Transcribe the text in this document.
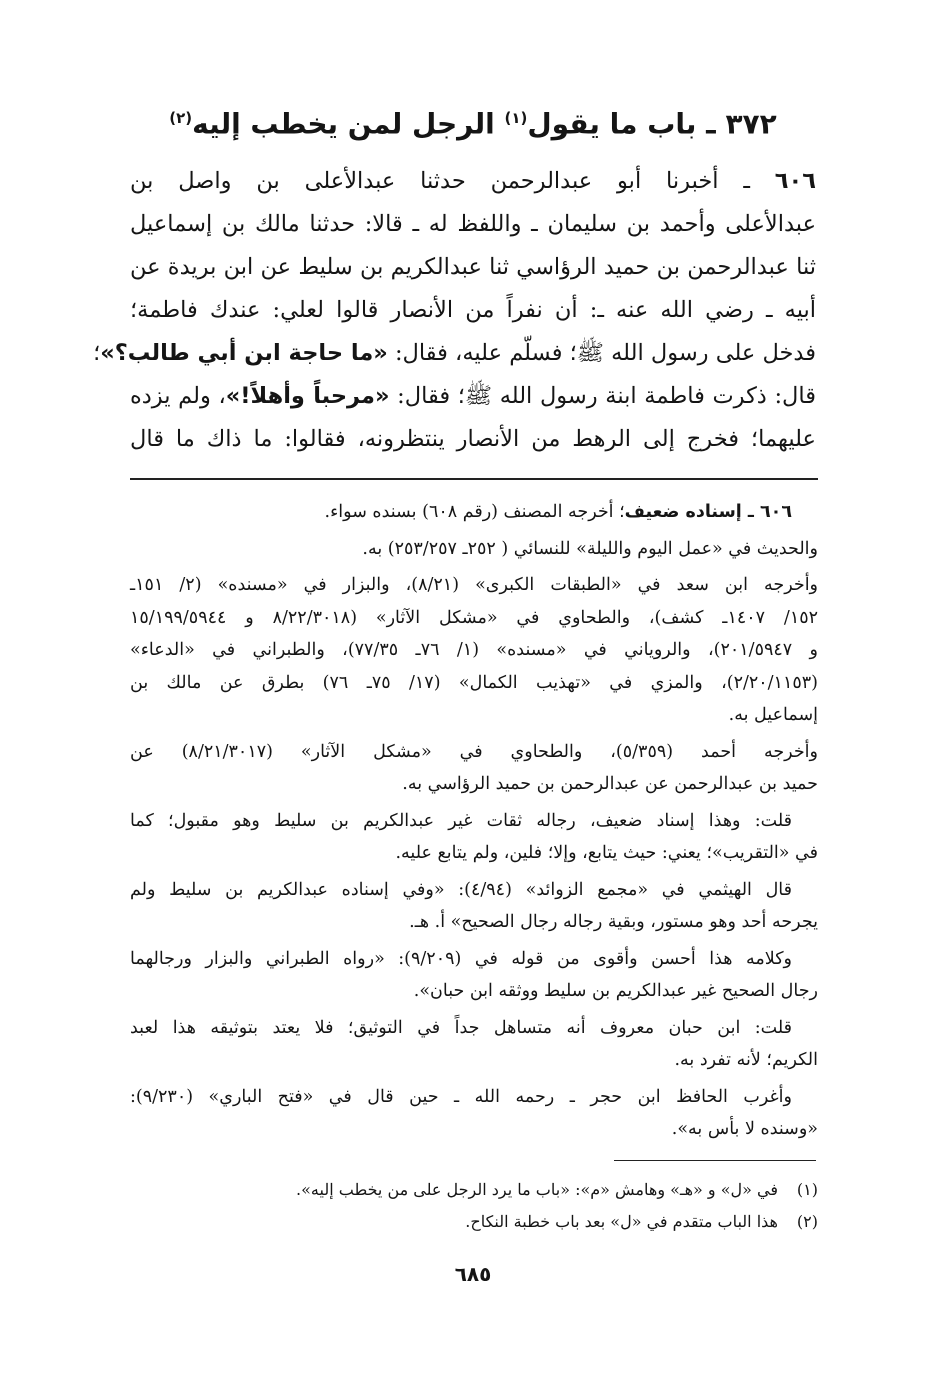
٣٧٢ ـ باب ما يقول$^{(١)}$ الرجل لمن يخطب إليه$^{(٢)}$
٦٠٦ ـ أخبرنا أبو عبدالرحمن حدثنا عبدالأعلى بن واصل بن
عبدالأعلى وأحمد بن سليمان ـ واللفظ له ـ قالا: حدثنا مالك بن إسماعيل
ثنا عبدالرحمن بن حميد الرؤاسي ثنا عبدالكريم بن سليط عن ابن بريدة عن
أبيه ـ رضي الله عنه ـ: أن نفراً من الأنصار قالوا لعلي: عندك فاطمة؛
فدخل على رسول الله ﷺ؛ فسلّم عليه، فقال: «ما حاجة ابن أبي طالب؟»؛
قال: ذكرت فاطمة ابنة رسول الله ﷺ؛ فقال: «مرحباً وأهلاً!»، ولم يزده
عليهما؛ فخرج إلى الرهط من الأنصار ينتظرونه، فقالوا: ما ذاك ما قال
٦٠٦ ـ إسناده ضعيف؛ أخرجه المصنف (رقم ٦٠٨) بسنده سواء.
والحديث في «عمل اليوم والليلة» للنسائي ( ٢٥٢ـ ٢٥٣/٢٥٧) به.
وأخرجه ابن سعد في «الطبقات الكبرى» (٨/٢١)، والبزار في «مسنده» (٢/ ١٥١ـ
١٥٢/ ١٤٠٧ـ كشف)، والطحاوي في «مشكل الآثار» (٨/٢٢/٣٠١٨ و ١٥/١٩٩/٥٩٤٤
و ٢٠١/٥٩٤٧)، والروياني في «مسنده» (١/ ٧٦ـ ٧٧/٣٥)، والطبراني في «الدعاء»
(٢/٢٠/١١٥٣)، والمزي في «تهذيب الكمال» (١٧/ ٧٥ـ ٧٦) بطرق عن مالك بن
إسماعيل به.
وأخرجه أحمد (٥/٣٥٩)، والطحاوي في «مشكل الآثار» (٨/٢١/٣٠١٧) عن
حميد بن عبدالرحمن عن عبدالرحمن بن حميد الرؤاسي به.
قلت: وهذا إسناد ضعيف، رجاله ثقات غير عبدالكريم بن سليط وهو مقبول؛ كما
في «التقريب»؛ يعني: حيث يتابع، وإلا؛ فلين، ولم يتابع عليه.
قال الهيثمي في «مجمع الزوائد» (٤/٩٤): «وفي إسناده عبدالكريم بن سليط ولم
يجرحه أحد وهو مستور، وبقية رجاله رجال الصحيح» أ. هـ.
وكلامه هذا أحسن وأقوى من قوله في (٩/٢٠٩): «رواه الطبراني والبزار ورجالهما
رجال الصحيح غير عبدالكريم بن سليط ووثقه ابن حبان».
قلت: ابن حبان معروف أنه متساهل جداً في التوثيق؛ فلا يعتد بتوثيقه هذا لعبد
الكريم؛ لأنه تفرد به.
وأغرب الحافظ ابن حجر ـ رحمه الله ـ حين قال في «فتح الباري» (٩/٢٣٠):
«وسنده لا بأس به».
(١)في «ل» و «هـ» وهامش «م»: «باب ما يرد الرجل على من يخطب إليه».
(٢)هذا الباب متقدم في «ل» بعد باب خطبة النكاح.
٦٨٥
